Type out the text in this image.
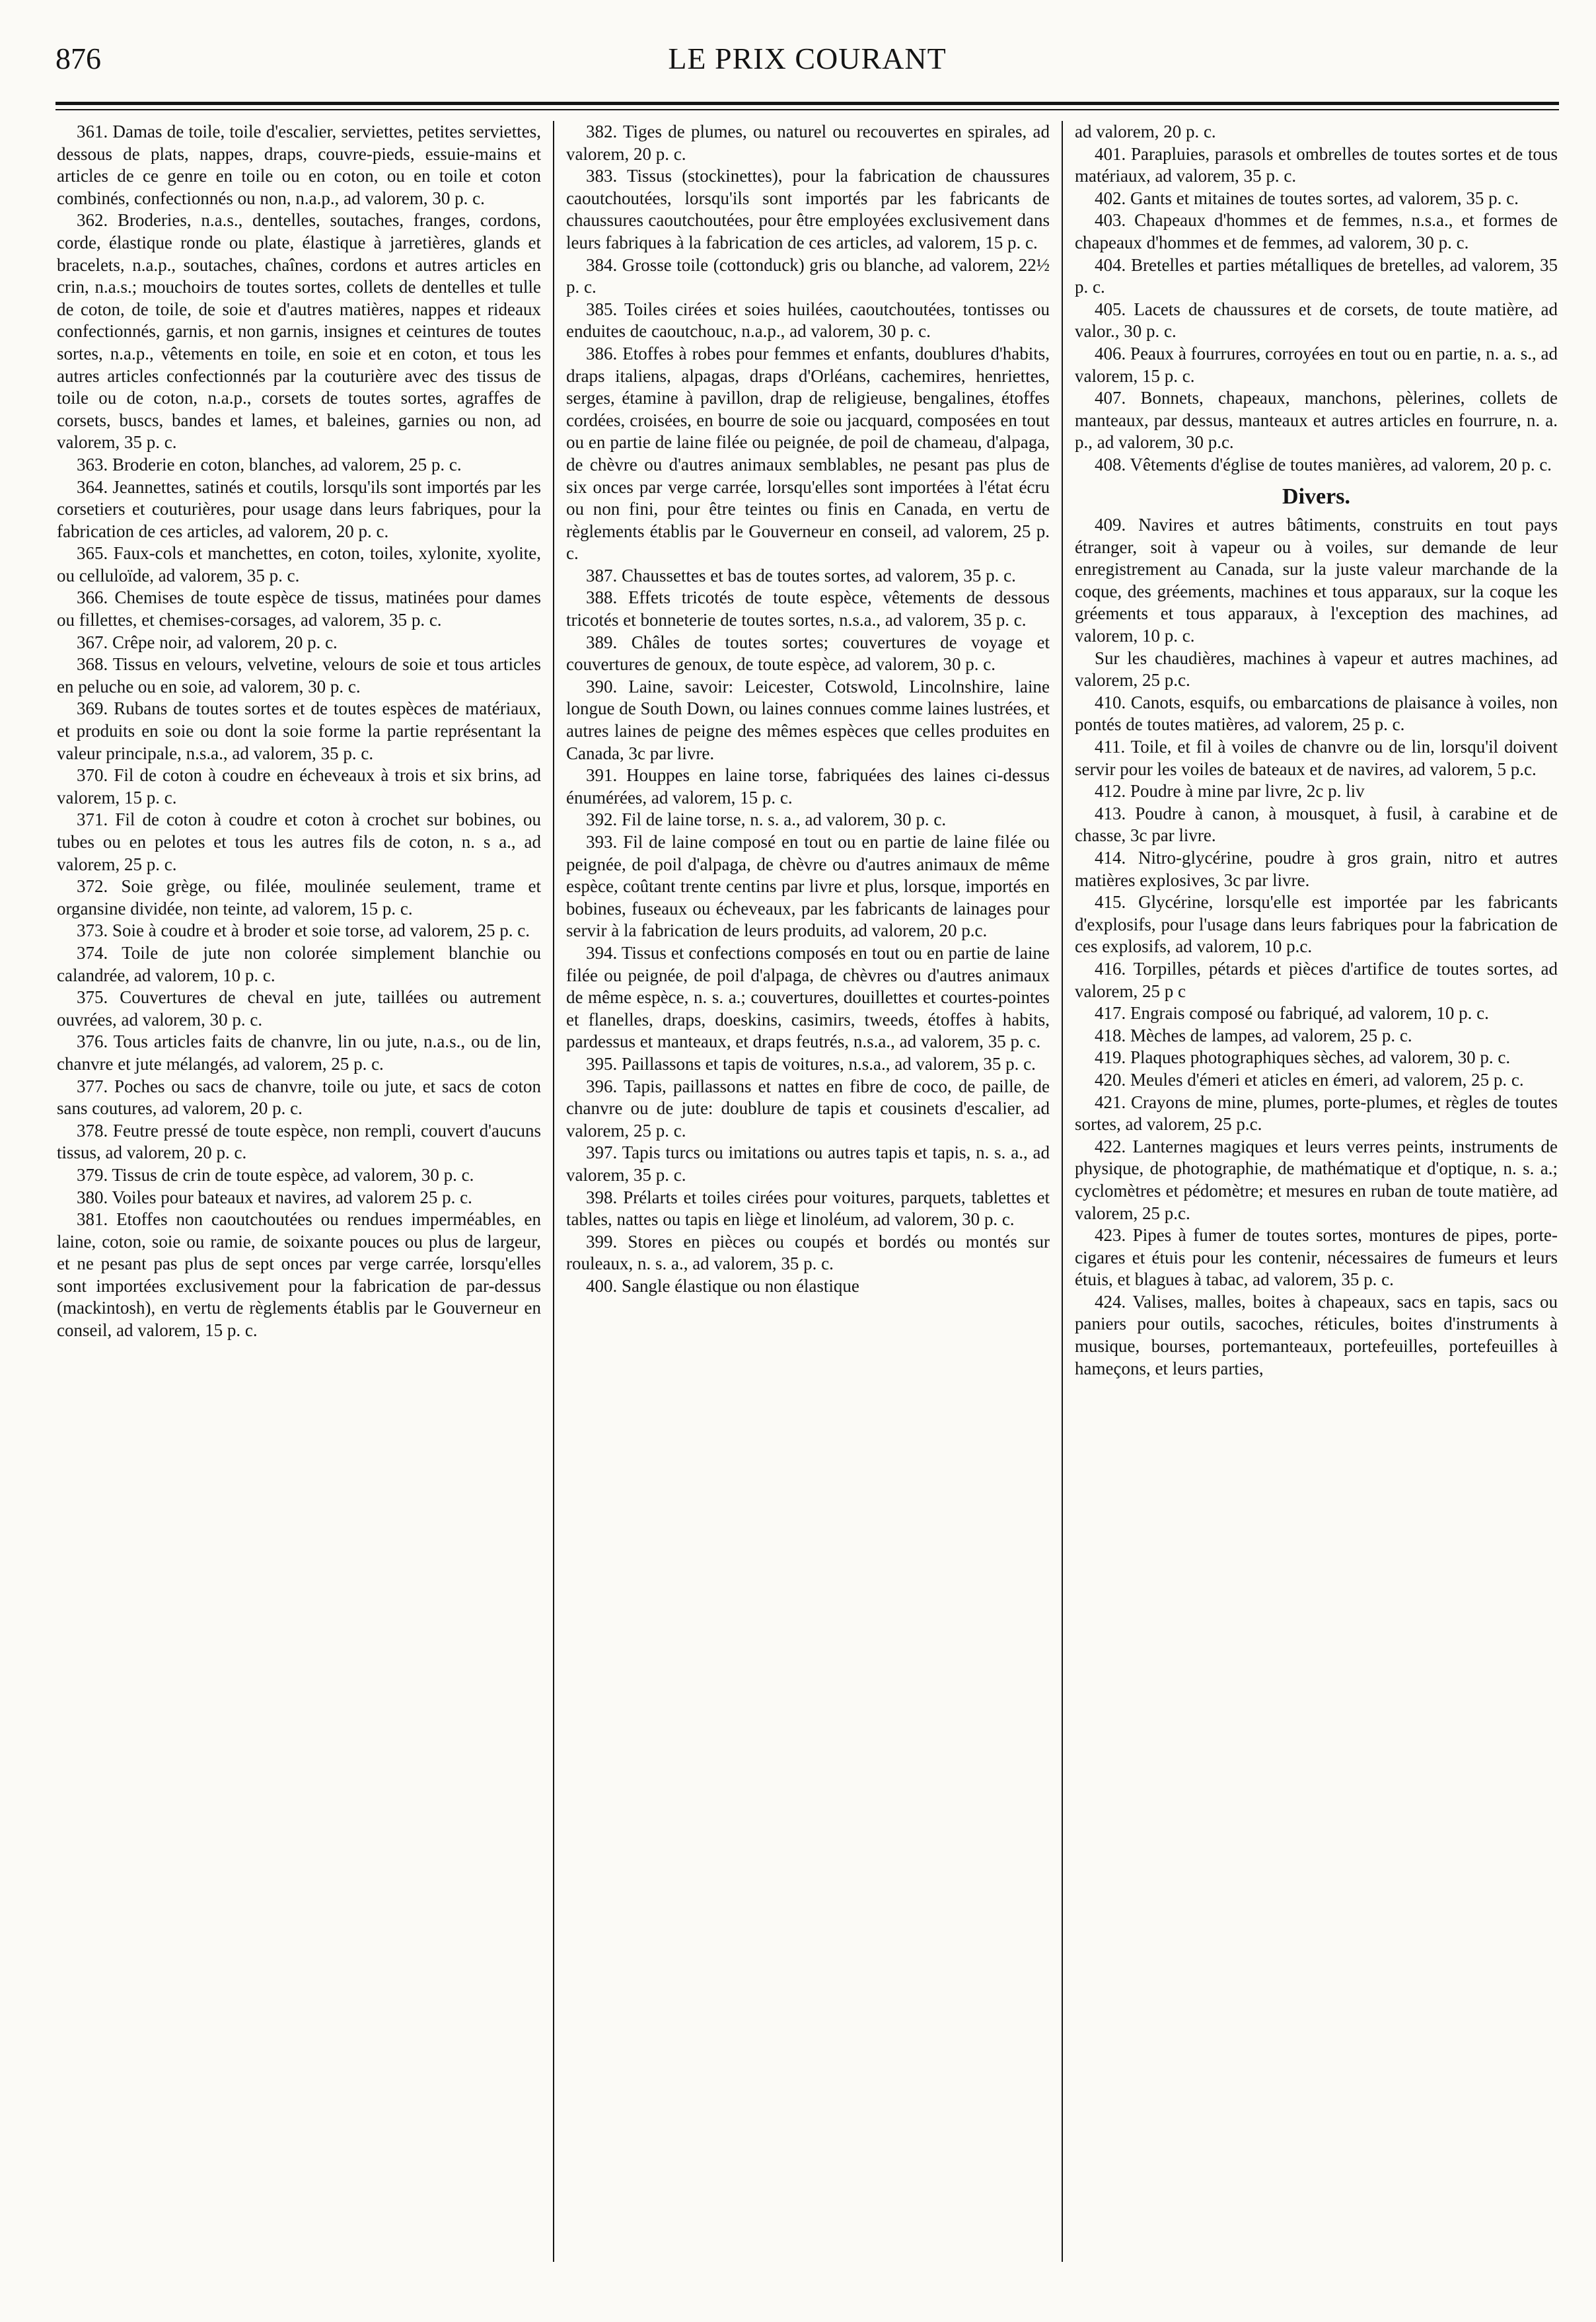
876	LE PRIX COURANT

361. Damas de toile, toile d'escalier, serviettes, petites serviettes, dessous de plats, nappes, draps, couvre-pieds, essuie-mains et articles de ce genre en toile ou en coton, ou en toile et coton combinés, confectionnés ou non, n.a.p., ad valorem, 30 p. c.

362. Broderies, n.a.s., dentelles, soutaches, franges, cordons, corde, élastique ronde ou plate, élastique à jarretières, glands et bracelets, n.a.p., soutaches, chaînes, cordons et autres articles en crin, n.a.s.; mouchoirs de toutes sortes, collets de dentelles et tulle de coton, de toile, de soie et d'autres matières, nappes et rideaux confectionnés, garnis, et non garnis, insignes et ceintures de toutes sortes, n.a.p., vêtements en toile, en soie et en coton, et tous les autres articles confectionnés par la couturière avec des tissus de toile ou de coton, n.a.p., corsets de toutes sortes, agraffes de corsets, buscs, bandes et lames, et baleines, garnies ou non, ad valorem, 35 p. c.

363. Broderie en coton, blanches, ad valorem, 25 p. c.

364. Jeannettes, satinés et coutils, lorsqu'ils sont importés par les corsetiers et couturières, pour usage dans leurs fabriques, pour la fabrication de ces articles, ad valorem, 20 p. c.

365. Faux-cols et manchettes, en coton, toiles, xylonite, xyolite, ou celluloïde, ad valorem, 35 p. c.

366. Chemises de toute espèce de tissus, matinées pour dames ou fillettes, et chemises-corsages, ad valorem, 35 p. c.

367. Crêpe noir, ad valorem, 20 p. c.

368. Tissus en velours, velvetine, velours de soie et tous articles en peluche ou en soie, ad valorem, 30 p. c.

369. Rubans de toutes sortes et de toutes espèces de matériaux, et produits en soie ou dont la soie forme la partie représentant la valeur principale, n.s.a., ad valorem, 35 p. c.

370. Fil de coton à coudre en écheveaux à trois et six brins, ad valorem, 15 p. c.

371. Fil de coton à coudre et coton à crochet sur bobines, ou tubes ou en pelotes et tous les autres fils de coton, n. s a., ad valorem, 25 p. c.

372. Soie grège, ou filée, moulinée seulement, trame et organsine dividée, non teinte, ad valorem, 15 p. c.

373. Soie à coudre et à broder et soie torse, ad valorem, 25 p. c.

374. Toile de jute non colorée simplement blanchie ou calandrée, ad valorem, 10 p. c.

375. Couvertures de cheval en jute, taillées ou autrement ouvrées, ad valorem, 30 p. c.

376. Tous articles faits de chanvre, lin ou jute, n.a.s., ou de lin, chanvre et jute mélangés, ad valorem, 25 p. c.

377. Poches ou sacs de chanvre, toile ou jute, et sacs de coton sans coutures, ad valorem, 20 p. c.

378. Feutre pressé de toute espèce, non rempli, couvert d'aucuns tissus, ad valorem, 20 p. c.

379. Tissus de crin de toute espèce, ad valorem, 30 p. c.

380. Voiles pour bateaux et navires, ad valorem 25 p. c.

381. Etoffes non caoutchoutées ou rendues imperméables, en laine, coton, soie ou ramie, de soixante pouces ou plus de largeur, et ne pesant pas plus de sept onces par verge carrée, lorsqu'elles sont importées exclusivement pour la fabrication de par-dessus (mackintosh), en vertu de règlements établis par le Gouverneur en conseil, ad valorem, 15 p. c.

382. Tiges de plumes, ou naturel ou recouvertes en spirales, ad valorem, 20 p. c.

383. Tissus (stockinettes), pour la fabrication de chaussures caoutchoutées, lorsqu'ils sont importés par les fabricants de chaussures caoutchoutées, pour être employées exclusivement dans leurs fabriques à la fabrication de ces articles, ad valorem, 15 p. c.

384. Grosse toile (cottonduck) gris ou blanche, ad valorem, 22½ p. c.

385. Toiles cirées et soies huilées, caoutchoutées, tontisses ou enduites de caoutchouc, n.a.p., ad valorem, 30 p. c.

386. Etoffes à robes pour femmes et enfants, doublures d'habits, draps italiens, alpagas, draps d'Orléans, cachemires, henriettes, serges, étamine à pavillon, drap de religieuse, bengalines, étoffes cordées, croisées, en bourre de soie ou jacquard, composées en tout ou en partie de laine filée ou peignée, de poil de chameau, d'alpaga, de chèvre ou d'autres animaux semblables, ne pesant pas plus de six onces par verge carrée, lorsqu'elles sont importées à l'état écru ou non fini, pour être teintes ou finis en Canada, en vertu de règlements établis par le Gouverneur en conseil, ad valorem, 25 p. c.

387. Chaussettes et bas de toutes sortes, ad valorem, 35 p. c.

388. Effets tricotés de toute espèce, vêtements de dessous tricotés et bonneterie de toutes sortes, n.s.a., ad valorem, 35 p. c.

389. Châles de toutes sortes; couvertures de voyage et couvertures de genoux, de toute espèce, ad valorem, 30 p. c.

390. Laine, savoir: Leicester, Cotswold, Lincolnshire, laine longue de South Down, ou laines connues comme laines lustrées, et autres laines de peigne des mêmes espèces que celles produites en Canada, 3c par livre.

391. Houppes en laine torse, fabriquées des laines ci-dessus énumérées, ad valorem, 15 p. c.

392. Fil de laine torse, n. s. a., ad valorem, 30 p. c.

393. Fil de laine composé en tout ou en partie de laine filée ou peignée, de poil d'alpaga, de chèvre ou d'autres animaux de même espèce, coûtant trente centins par livre et plus, lorsque, importés en bobines, fuseaux ou écheveaux, par les fabricants de lainages pour servir à la fabrication de leurs produits, ad valorem, 20 p.c.

394. Tissus et confections composés en tout ou en partie de laine filée ou peignée, de poil d'alpaga, de chèvres ou d'autres animaux de même espèce, n. s. a.; couvertures, douillettes et courtes-pointes et flanelles, draps, doeskins, casimirs, tweeds, étoffes à habits, pardessus et manteaux, et draps feutrés, n.s.a., ad valorem, 35 p. c.

395. Paillassons et tapis de voitures, n.s.a., ad valorem, 35 p. c.

396. Tapis, paillassons et nattes en fibre de coco, de paille, de chanvre ou de jute: doublure de tapis et cousinets d'escalier, ad valorem, 25 p. c.

397. Tapis turcs ou imitations ou autres tapis et tapis, n. s. a., ad valorem, 35 p. c.

398. Prélarts et toiles cirées pour voitures, parquets, tablettes et tables, nattes ou tapis en liège et linoléum, ad valorem, 30 p. c.

399. Stores en pièces ou coupés et bordés ou montés sur rouleaux, n. s. a., ad valorem, 35 p. c.

400. Sangle élastique ou non élastique

ad valorem, 20 p. c.

401. Parapluies, parasols et ombrelles de toutes sortes et de tous matériaux, ad valorem, 35 p. c.

402. Gants et mitaines de toutes sortes, ad valorem, 35 p. c.

403. Chapeaux d'hommes et de femmes, n.s.a., et formes de chapeaux d'hommes et de femmes, ad valorem, 30 p. c.

404. Bretelles et parties métalliques de bretelles, ad valorem, 35 p. c.

405. Lacets de chaussures et de corsets, de toute matière, ad valor., 30 p. c.

406. Peaux à fourrures, corroyées en tout ou en partie, n. a. s., ad valorem, 15 p. c.

407. Bonnets, chapeaux, manchons, pèlerines, collets de manteaux, par dessus, manteaux et autres articles en fourrure, n. a. p., ad valorem, 30 p.c.

408. Vêtements d'église de toutes manières, ad valorem, 20 p. c.

Divers.

409. Navires et autres bâtiments, construits en tout pays étranger, soit à vapeur ou à voiles, sur demande de leur enregistrement au Canada, sur la juste valeur marchande de la coque, des gréements, machines et tous apparaux, sur la coque les gréements et tous apparaux, à l'exception des machines, ad valorem, 10 p. c.

Sur les chaudières, machines à vapeur et autres machines, ad valorem, 25 p.c.

410. Canots, esquifs, ou embarcations de plaisance à voiles, non pontés de toutes matières, ad valorem, 25 p. c.

411. Toile, et fil à voiles de chanvre ou de lin, lorsqu'il doivent servir pour les voiles de bateaux et de navires, ad valorem, 5 p.c.

412. Poudre à mine par livre, 2c p. liv

413. Poudre à canon, à mousquet, à fusil, à carabine et de chasse, 3c par livre.

414. Nitro-glycérine, poudre à gros grain, nitro et autres matières explosives, 3c par livre.

415. Glycérine, lorsqu'elle est importée par les fabricants d'explosifs, pour l'usage dans leurs fabriques pour la fabrication de ces explosifs, ad valorem, 10 p.c.

416. Torpilles, pétards et pièces d'artifice de toutes sortes, ad valorem, 25 p c

417. Engrais composé ou fabriqué, ad valorem, 10 p. c.

418. Mèches de lampes, ad valorem, 25 p. c.

419. Plaques photographiques sèches, ad valorem, 30 p. c.

420. Meules d'émeri et aticles en émeri, ad valorem, 25 p. c.

421. Crayons de mine, plumes, porte-plumes, et règles de toutes sortes, ad valorem, 25 p.c.

422. Lanternes magiques et leurs verres peints, instruments de physique, de photographie, de mathématique et d'optique, n. s. a.; cyclomètres et pédomètre; et mesures en ruban de toute matière, ad valorem, 25 p.c.

423. Pipes à fumer de toutes sortes, montures de pipes, porte-cigares et étuis pour les contenir, nécessaires de fumeurs et leurs étuis, et blagues à tabac, ad valorem, 35 p. c.

424. Valises, malles, boites à chapeaux, sacs en tapis, sacs ou paniers pour outils, sacoches, réticules, boites d'instruments à musique, bourses, portemanteaux, portefeuilles, portefeuilles à hameçons, et leurs parties,
